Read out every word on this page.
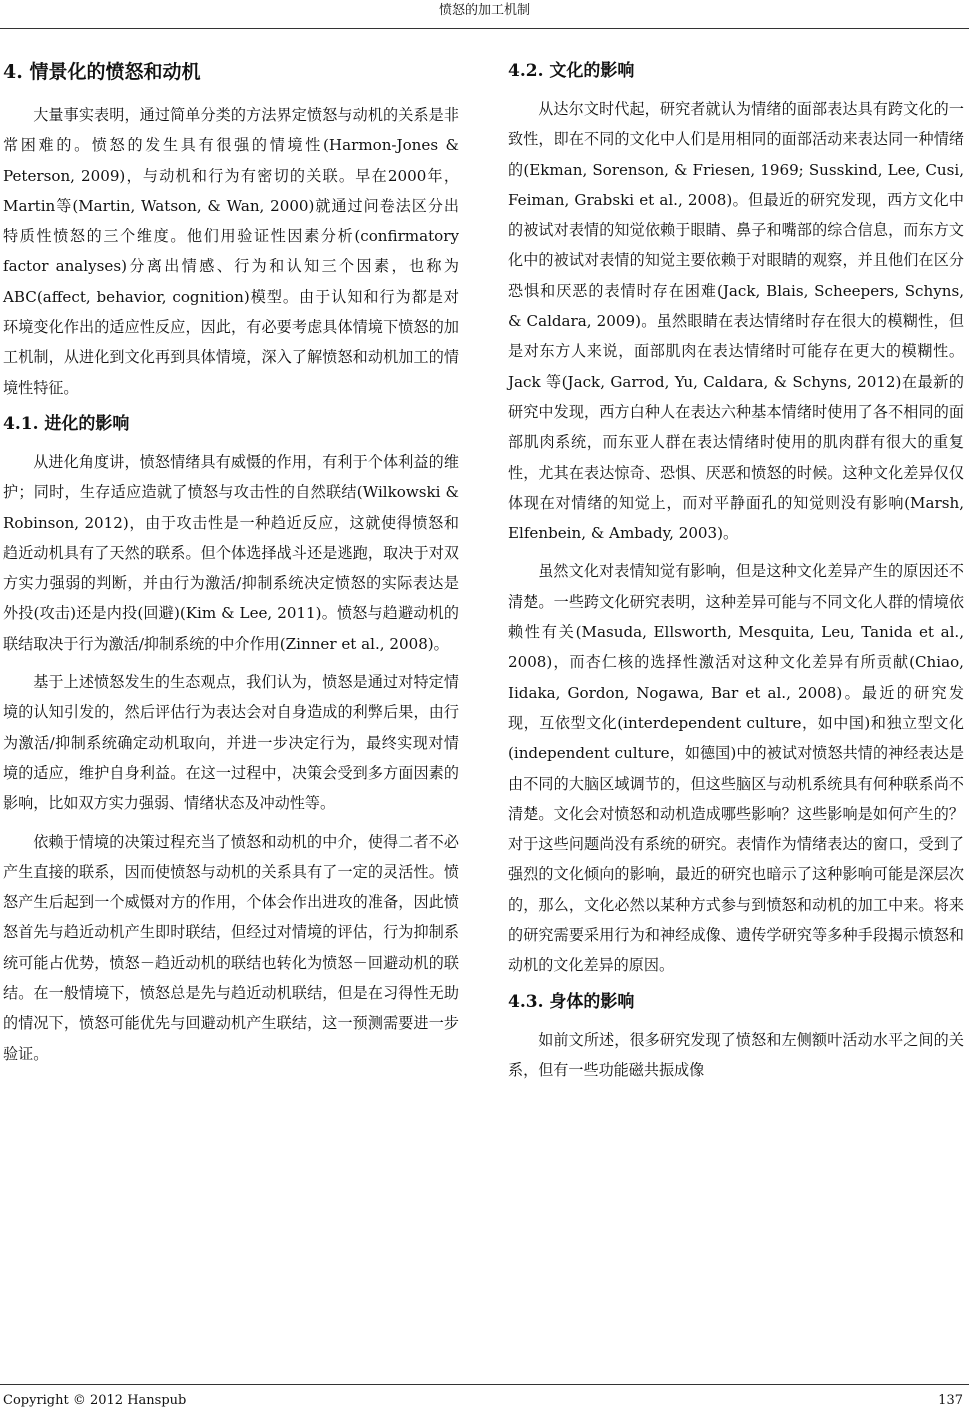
愤怒的加工机制
4. 情景化的愤怒和动机

大量事实表明，通过简单分类的方法界定愤怒与动机的关系是非常困难的。愤怒的发生具有很强的情境性(Harmon-Jones & Peterson, 2009)，与动机和行为有密切的关联。早在2000年，Martin等(Martin, Watson, & Wan, 2000)就通过问卷法区分出特质性愤怒的三个维度。他们用验证性因素分析(confirmatory factor analyses)分离出情感、行为和认知三个因素，也称为ABC(affect, behavior, cognition)模型。由于认知和行为都是对环境变化作出的适应性反应，因此，有必要考虑具体情境下愤怒的加工机制，从进化到文化再到具体情境，深入了解愤怒和动机加工的情境性特征。

4.1. 进化的影响

从进化角度讲，愤怒情绪具有威慑的作用，有利于个体利益的维护；同时，生存适应造就了愤怒与攻击性的自然联结(Wilkowski & Robinson, 2012)，由于攻击性是一种趋近反应，这就使得愤怒和趋近动机具有了天然的联系。但个体选择战斗还是逃跑，取决于对双方实力强弱的判断，并由行为激活/抑制系统决定愤怒的实际表达是外投(攻击)还是内投(回避)(Kim & Lee, 2011)。愤怒与趋避动机的联结取决于行为激活/抑制系统的中介作用(Zinner et al., 2008)。

基于上述愤怒发生的生态观点，我们认为，愤怒是通过对特定情境的认知引发的，然后评估行为表达会对自身造成的利弊后果，由行为激活/抑制系统确定动机取向，并进一步决定行为，最终实现对情境的适应，维护自身利益。在这一过程中，决策会受到多方面因素的影响，比如双方实力强弱、情绪状态及冲动性等。

依赖于情境的决策过程充当了愤怒和动机的中介，使得二者不必产生直接的联系，因而使愤怒与动机的关系具有了一定的灵活性。愤怒产生后起到一个威慑对方的作用，个体会作出进攻的准备，因此愤怒首先与趋近动机产生即时联结，但经过对情境的评估，行为抑制系统可能占优势，愤怒－趋近动机的联结也转化为愤怒－回避动机的联结。在一般情境下，愤怒总是先与趋近动机联结，但是在习得性无助的情况下，愤怒可能优先与回避动机产生联结，这一预测需要进一步验证。

4.2. 文化的影响

从达尔文时代起，研究者就认为情绪的面部表达具有跨文化的一致性，即在不同的文化中人们是用相同的面部活动来表达同一种情绪的(Ekman, Sorenson, & Friesen, 1969; Susskind, Lee, Cusi, Feiman, Grabski et al., 2008)。但最近的研究发现，西方文化中的被试对表情的知觉依赖于眼睛、鼻子和嘴部的综合信息，而东方文化中的被试对表情的知觉主要依赖于对眼睛的观察，并且他们在区分恐惧和厌恶的表情时存在困难(Jack, Blais, Scheepers, Schyns, & Caldara, 2009)。虽然眼睛在表达情绪时存在很大的模糊性，但是对东方人来说，面部肌肉在表达情绪时可能存在更大的模糊性。Jack 等(Jack, Garrod, Yu, Caldara, & Schyns, 2012)在最新的研究中发现，西方白种人在表达六种基本情绪时使用了各不相同的面部肌肉系统，而东亚人群在表达情绪时使用的肌肉群有很大的重复性，尤其在表达惊奇、恐惧、厌恶和愤怒的时候。这种文化差异仅仅体现在对情绪的知觉上，而对平静面孔的知觉则没有影响(Marsh, Elfenbein, & Ambady, 2003)。

虽然文化对表情知觉有影响，但是这种文化差异产生的原因还不清楚。一些跨文化研究表明，这种差异可能与不同文化人群的情境依赖性有关(Masuda, Ellsworth, Mesquita, Leu, Tanida et al., 2008)，而杏仁核的选择性激活对这种文化差异有所贡献(Chiao, Iidaka, Gordon, Nogawa, Bar et al., 2008)。最近的研究发现，互依型文化(interdependent culture，如中国)和独立型文化(independent culture，如德国)中的被试对愤怒共情的神经表达是由不同的大脑区域调节的，但这些脑区与动机系统具有何种联系尚不清楚。文化会对愤怒和动机造成哪些影响？这些影响是如何产生的？对于这些问题尚没有系统的研究。表情作为情绪表达的窗口，受到了强烈的文化倾向的影响，最近的研究也暗示了这种影响可能是深层次的，那么，文化必然以某种方式参与到愤怒和动机的加工中来。将来的研究需要采用行为和神经成像、遗传学研究等多种手段揭示愤怒和动机的文化差异的原因。

4.3. 身体的影响

如前文所述，很多研究发现了愤怒和左侧额叶活动水平之间的关系，但有一些功能磁共振成像

Copyright © 2012 Hanspub	137
